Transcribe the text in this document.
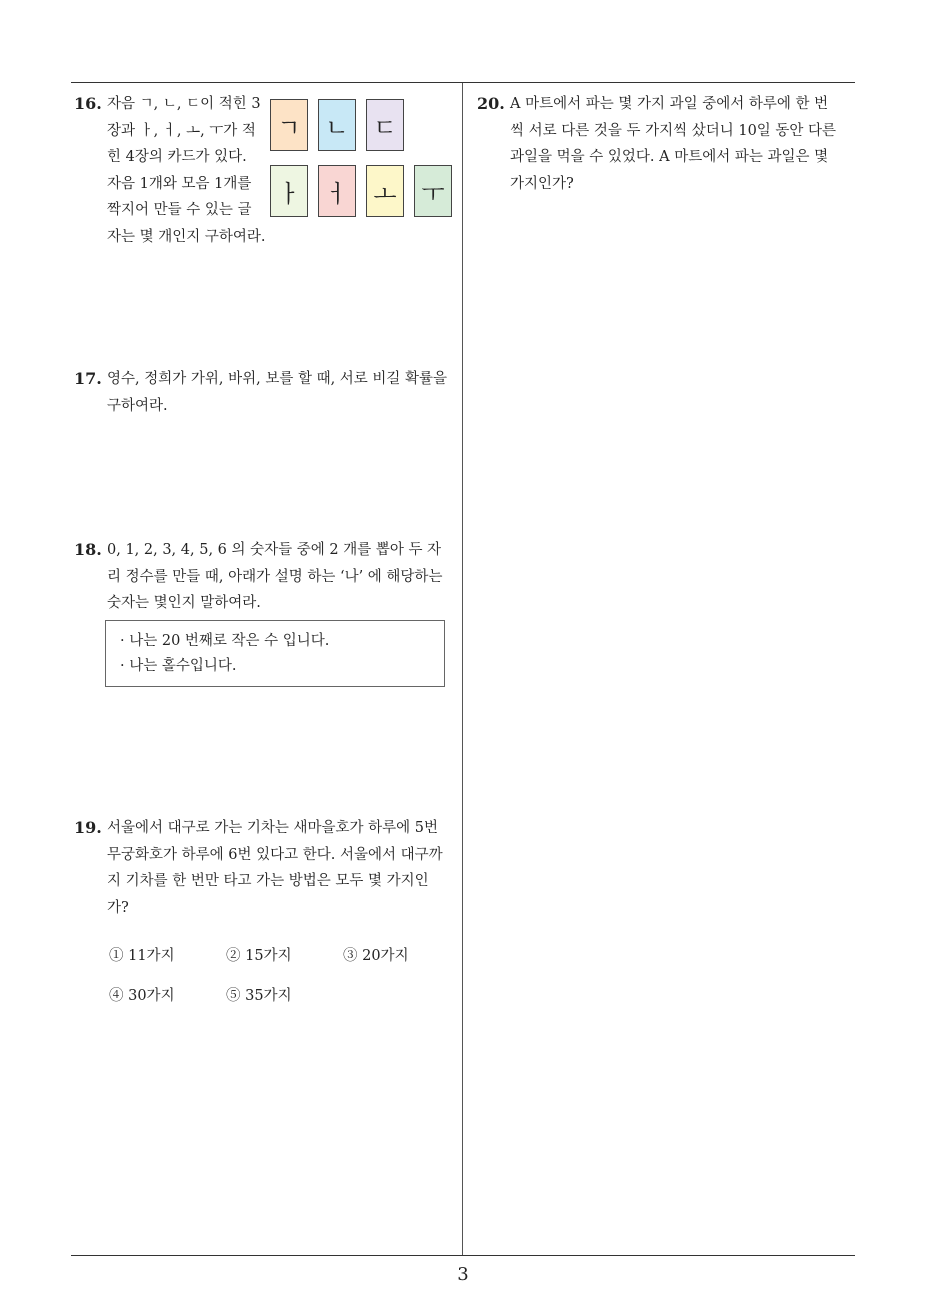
16. 자음 ㄱ, ㄴ, ㄷ이 적힌 3

장과 ㅏ, ㅓ, ㅗ, ㅜ가 적

힌 4장의 카드가 있다.

자음 1개와 모음 1개를

짝지어 만들 수 있는 글

자는 몇 개인지 구하여라.

ㄱ	ㄴ	ㄷ
ㅏ	ㅓ	ㅗ	ㅜ
17. 영수, 정희가 가위, 바위, 보를 할 때, 서로 비길 확률을

구하여라.

18. 0, 1, 2, 3, 4, 5, 6 의 숫자들 중에 2 개를 뽑아 두 자

리 정수를 만들 때, 아래가 설명 하는 ‘나’ 에 해당하는

숫자는 몇인지 말하여라.

· 나는 20 번째로 작은 수 입니다.

· 나는 홀수입니다.

19. 서울에서 대구로 가는 기차는 새마을호가 하루에 5번

무궁화호가 하루에 6번 있다고 한다. 서울에서 대구까

지 기차를 한 번만 타고 가는 방법은 모두 몇 가지인

가?

① 11가지	② 15가지	③ 20가지
④ 30가지	⑤ 35가지
20. A 마트에서 파는 몇 가지 과일 중에서 하루에 한 번

씩 서로 다른 것을 두 가지씩 샀더니 10일 동안 다른

과일을 먹을 수 있었다. A 마트에서 파는 과일은 몇

가지인가?

3
